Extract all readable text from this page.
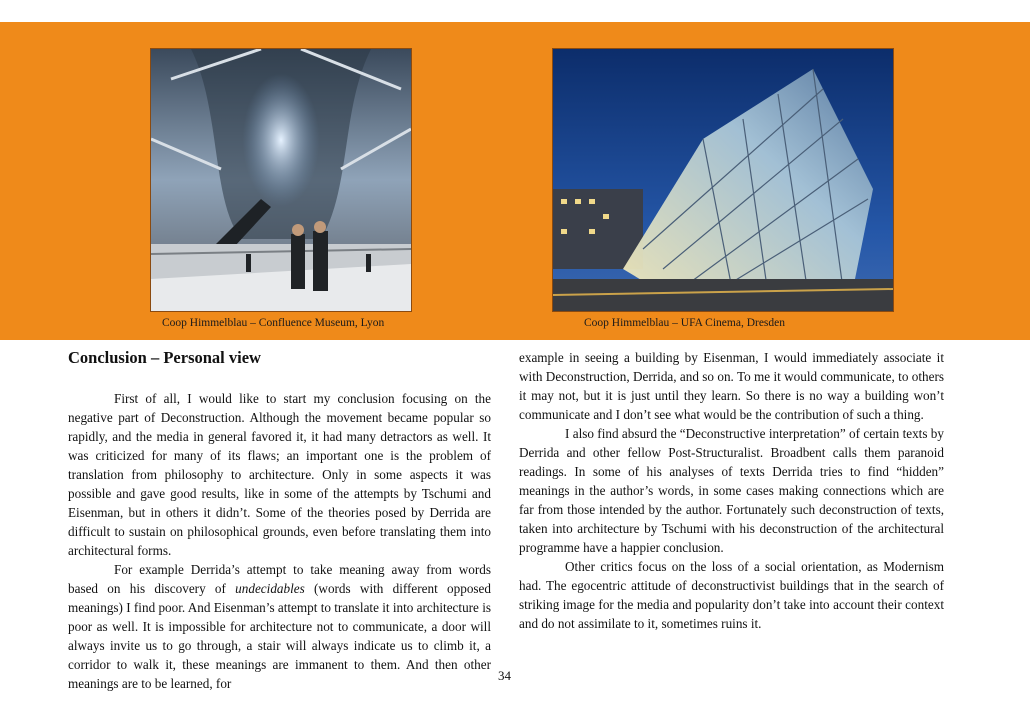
Coop Himmelblau – Confluence Museum, Lyon	Coop Himmelblau – UFA Cinema, Dresden
Conclusion – Personal view

First of all, I would like to start my conclusion focusing on the negative part of Deconstruction. Although the movement became popular so rapidly, and the media in general favored it, it had many detractors as well. It was criticized for many of its flaws; an important one is the problem of translation from philosophy to architecture. Only in some aspects it was possible and gave good results, like in some of the attempts by Tschumi and Eisenman, but in others it didn’t. Some of the theories posed by Derrida are difficult to sustain on philosophical grounds, even before translating them into architectural forms.

For example Derrida’s attempt to take meaning away from words based on his discovery of undecidables (words with different opposed meanings) I find poor. And Eisenman’s attempt to translate it into architecture is poor as well. It is impossible for architecture not to communicate, a door will always invite us to go through, a stair will always indicate us to climb it, a corridor to walk it, these meanings are immanent to them. And then other meanings are to be learned, for

example in seeing a building by Eisenman, I would immediately associate it with Deconstruction, Derrida, and so on. To me it would communicate, to others it may not, but it is just until they learn. So there is no way a building won’t communicate and I don’t see what would be the contribution of such a thing.

I also find absurd the “Deconstructive interpretation” of certain texts by Derrida and other fellow Post-Structuralist. Broadbent calls them paranoid readings. In some of his analyses of texts Derrida tries to find “hidden” meanings in the author’s words, in some cases making connections which are far from those intended by the author. Fortunately such deconstruction of texts, taken into architecture by Tschumi with his deconstruction of the architectural programme have a happier conclusion.

Other critics focus on the loss of a social orientation, as Modernism had. The egocentric attitude of deconstructivist buildings that in the search of striking image for the media and popularity don’t take into account their context and do not assimilate to it, sometimes ruins it.

34
